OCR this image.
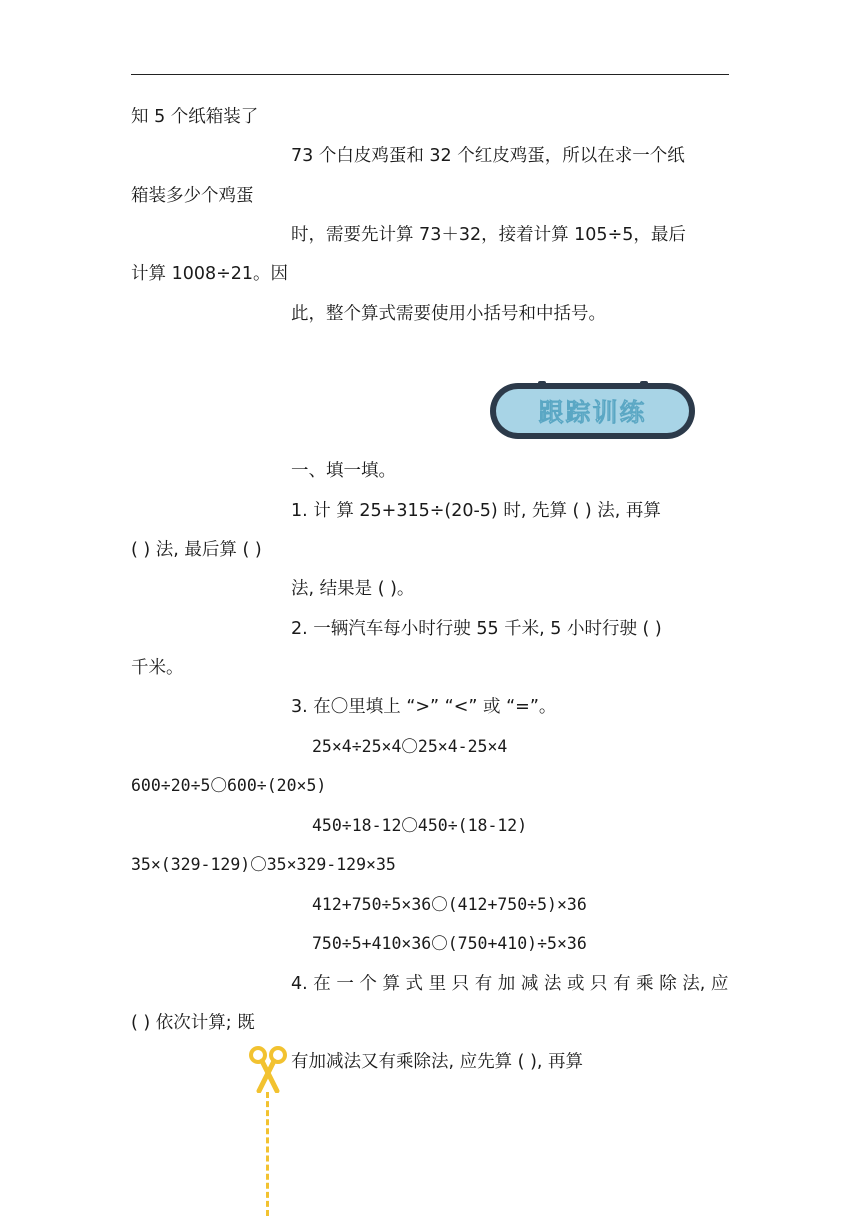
知 5 个纸箱装了
73 个白皮鸡蛋和 32 个红皮鸡蛋，所以在求一个纸
箱装多少个鸡蛋
时，需要先计算 73＋32，接着计算 105÷5，最后
计算 1008÷21。因
此，整个算式需要使用小括号和中括号。
跟踪训练
一、填一填。
1. 计 算 25+315÷(20-5) 时, 先算 ( ) 法, 再算
( ) 法, 最后算 ( )
法, 结果是 ( )。
2. 一辆汽车每小时行驶 55 千米, 5 小时行驶 ( )
千米。
3. 在〇里填上 “>” “<” 或 “=”。
25×4÷25×4〇25×4-25×4
600÷20÷5〇600÷(20×5)
450÷18-12〇450÷(18-12)
35×(329-129)〇35×329-129×35
412+750÷5×36〇(412+750÷5)×36
750÷5+410×36〇(750+410)÷5×36
4. 在 一 个 算 式 里 只 有 加 减 法 或 只 有 乘 除 法, 应
( ) 依次计算; 既
有加减法又有乘除法, 应先算 ( ), 再算
